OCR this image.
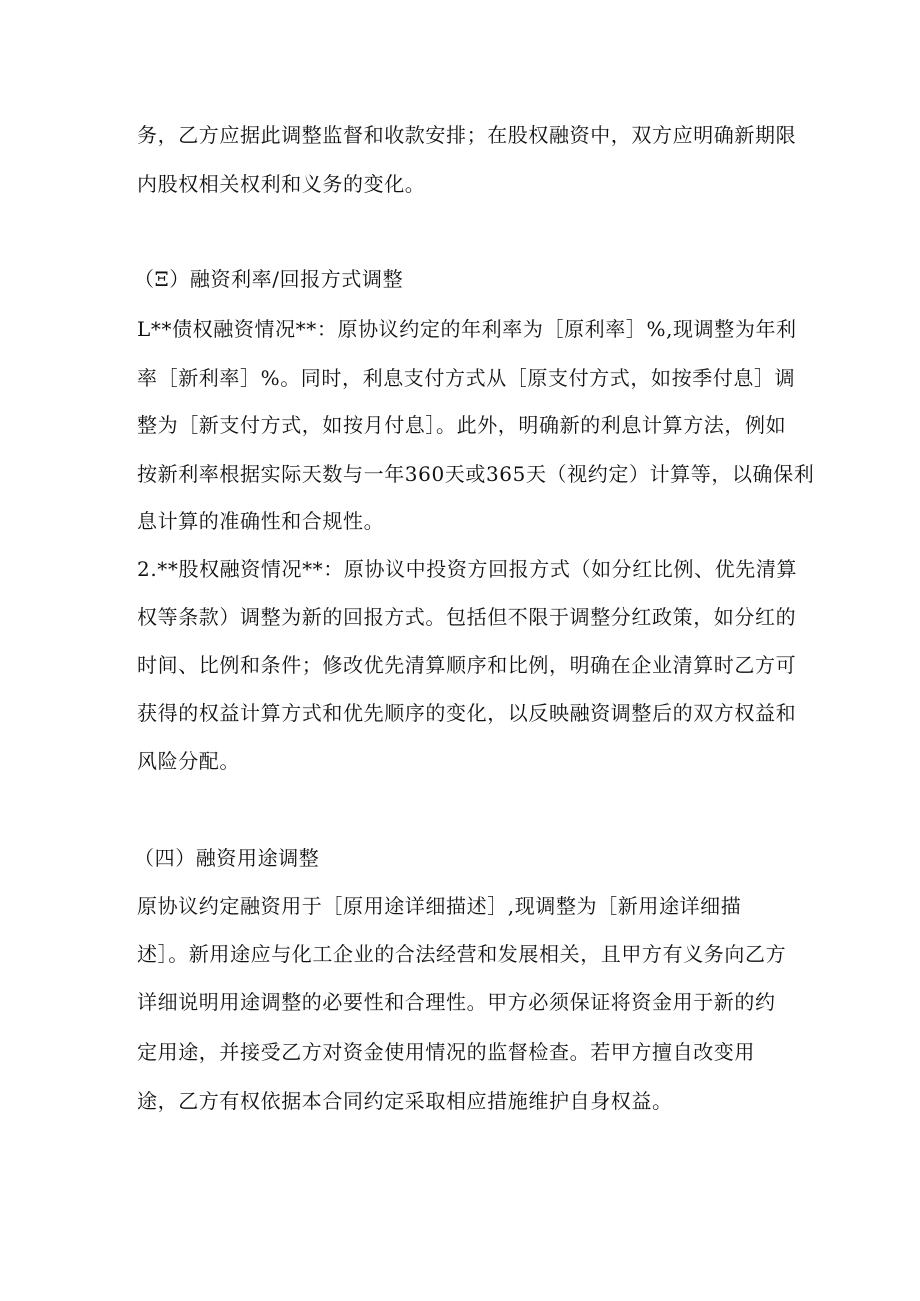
务，乙方应据此调整监督和收款安排；在股权融资中，双方应明确新期限
内股权相关权利和义务的变化。
（Ξ）融资利率/回报方式调整
L**债权融资情况**：原协议约定的年利率为［原利率］%,现调整为年利
率［新利率］%。同时，利息支付方式从［原支付方式，如按季付息］调
整为［新支付方式，如按月付息］。此外，明确新的利息计算方法，例如
按新利率根据实际天数与一年360天或365天（视约定）计算等，以确保利
息计算的准确性和合规性。
2.**股权融资情况**：原协议中投资方回报方式（如分红比例、优先清算
权等条款）调整为新的回报方式。包括但不限于调整分红政策，如分红的
时间、比例和条件；修改优先清算顺序和比例，明确在企业清算时乙方可
获得的权益计算方式和优先顺序的变化，以反映融资调整后的双方权益和
风险分配。
（四）融资用途调整
原协议约定融资用于［原用途详细描述］,现调整为［新用途详细描
述］。新用途应与化工企业的合法经营和发展相关，且甲方有义务向乙方
详细说明用途调整的必要性和合理性。甲方必须保证将资金用于新的约
定用途，并接受乙方对资金使用情况的监督检查。若甲方擅自改变用
途，乙方有权依据本合同约定采取相应措施维护自身权益。
